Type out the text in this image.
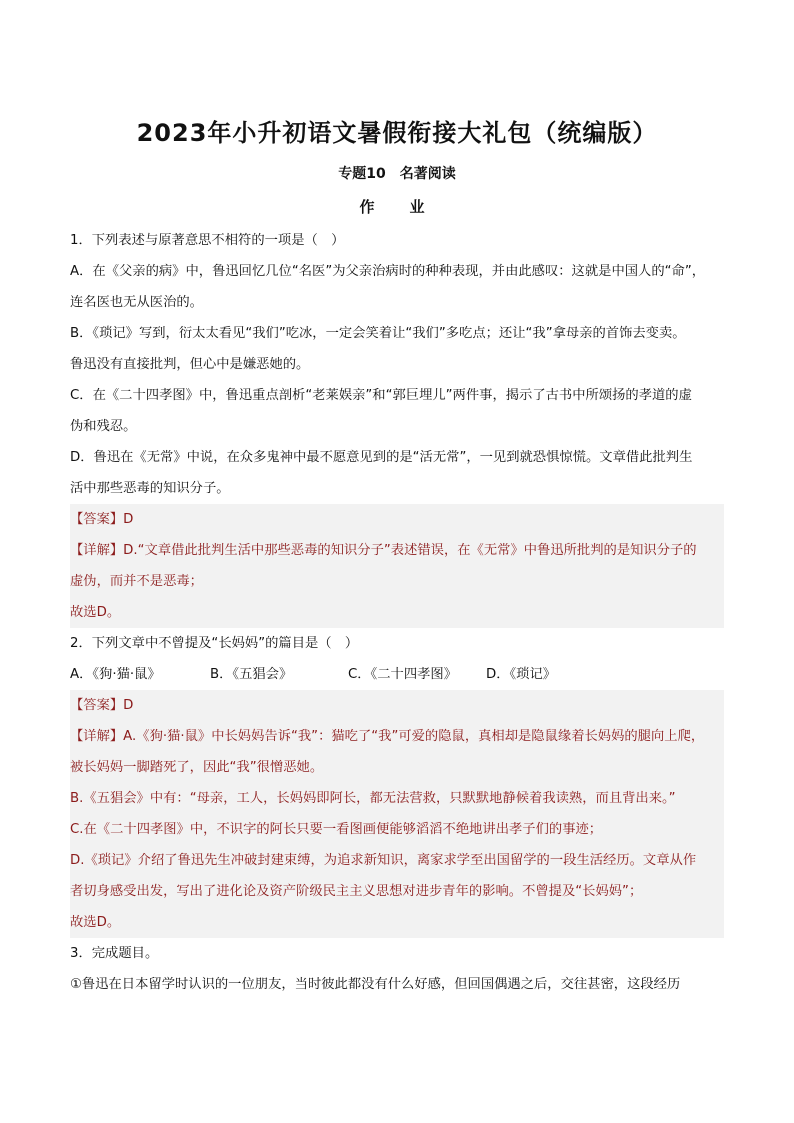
2023年小升初语文暑假衔接大礼包（统编版）
专题10　名著阅读
作　业
1．下列表述与原著意思不相符的一项是（　）
A．在《父亲的病》中，鲁迅回忆几位“名医”为父亲治病时的种种表现，并由此感叹：这就是中国人的“命”，
连名医也无从医治的。
B．《琐记》写到，衍太太看见“我们”吃冰，一定会笑着让“我们”多吃点；还让“我”拿母亲的首饰去变卖。
鲁迅没有直接批判，但心中是嫌恶她的。
C．在《二十四孝图》中，鲁迅重点剖析“老莱娱亲”和“郭巨埋儿”两件事，揭示了古书中所颂扬的孝道的虚
伪和残忍。
D．鲁迅在《无常》中说，在众多鬼神中最不愿意见到的是“活无常”，一见到就恐惧惊慌。文章借此批判生
活中那些恶毒的知识分子。
【答案】D
【详解】D.“文章借此批判生活中那些恶毒的知识分子”表述错误，在《无常》中鲁迅所批判的是知识分子的
虚伪，而并不是恶毒；
故选D。
2．下列文章中不曾提及“长妈妈”的篇目是（　）
A．《狗·猫·鼠》	B．《五猖会》	C．《二十四孝图》 D．《琐记》
【答案】D
【详解】A.《狗·猫·鼠》中长妈妈告诉“我”：猫吃了“我”可爱的隐鼠，真相却是隐鼠缘着长妈妈的腿向上爬，
被长妈妈一脚踏死了，因此“我”很憎恶她。
B.《五猖会》中有：“母亲，工人，长妈妈即阿长，都无法营救，只默默地静候着我读熟，而且背出来。”
C.在《二十四孝图》中，不识字的阿长只要一看图画便能够滔滔不绝地讲出孝子们的事迹；
D.《琐记》介绍了鲁迅先生冲破封建束缚，为追求新知识，离家求学至出国留学的一段生活经历。文章从作
者切身感受出发，写出了进化论及资产阶级民主主义思想对进步青年的影响。不曾提及“长妈妈”；
故选D。
3．完成题目。
①鲁迅在日本留学时认识的一位朋友，当时彼此都没有什么好感，但回国偶遇之后，交往甚密，这段经历
